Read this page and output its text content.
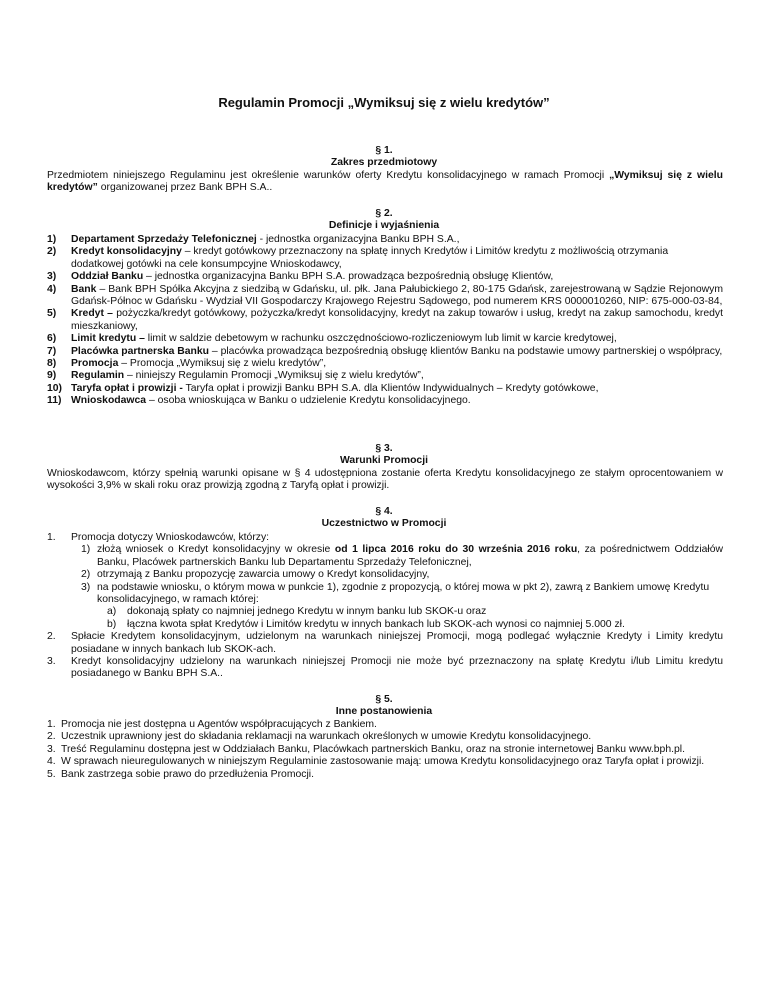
Regulamin Promocji „Wymiksuj się z wielu kredytów”
§ 1.
Zakres przedmiotowy
Przedmiotem niniejszego Regulaminu jest określenie warunków oferty Kredytu konsolidacyjnego w ramach Promocji „Wymiksuj się z wielu kredytów” organizowanej przez Bank BPH S.A..
§ 2.
Definicje i wyjaśnienia
1) Departament Sprzedaży Telefonicznej - jednostka organizacyjna Banku BPH S.A.,
2) Kredyt konsolidacyjny – kredyt gotówkowy przeznaczony na spłatę innych Kredytów i Limitów kredytu z możliwością otrzymania dodatkowej gotówki na cele konsumpcyjne Wnioskodawcy,
3) Oddział Banku – jednostka organizacyjna Banku BPH S.A. prowadząca bezpośrednią obsługę Klientów,
4) Bank – Bank BPH Spółka Akcyjna z siedzibą w Gdańsku, ul. płk. Jana Pałubickiego 2, 80-175 Gdańsk, zarejestrowaną w Sądzie Rejonowym Gdańsk-Północ w Gdańsku - Wydział VII Gospodarczy Krajowego Rejestru Sądowego, pod numerem KRS 0000010260, NIP: 675-000-03-84,
5) Kredyt – pożyczka/kredyt gotówkowy, pożyczka/kredyt konsolidacyjny, kredyt na zakup towarów i usług, kredyt na zakup samochodu, kredyt mieszkaniowy,
6) Limit kredytu – limit w saldzie debetowym w rachunku oszczędnościowo-rozliczeniowym lub limit w karcie kredytowej,
7) Placówka partnerska Banku – placówka prowadząca bezpośrednią obsługę klientów Banku na podstawie umowy partnerskiej o współpracy,
8) Promocja – Promocja „Wymiksuj się z wielu kredytów”,
9) Regulamin – niniejszy Regulamin Promocji „Wymiksuj się z wielu kredytów”,
10) Taryfa opłat i prowizji - Taryfa opłat i prowizji Banku BPH S.A. dla Klientów Indywidualnych – Kredyty gotówkowe,
11) Wnioskodawca – osoba wnioskująca w Banku o udzielenie Kredytu konsolidacyjnego.
§ 3.
Warunki Promocji
Wnioskodawcom, którzy spełnią warunki opisane w § 4 udostępniona zostanie oferta Kredytu konsolidacyjnego ze stałym oprocentowaniem w wysokości 3,9% w skali roku oraz prowizją zgodną z Taryfą opłat i prowizji.
§ 4.
Uczestnictwo w Promocji
1. Promocja dotyczy Wnioskodawców, którzy:
1) złożą wniosek o Kredyt konsolidacyjny w okresie od 1 lipca 2016 roku do 30 września 2016 roku, za pośrednictwem Oddziałów Banku, Placówek partnerskich Banku lub Departamentu Sprzedaży Telefonicznej,
2) otrzymają z Banku propozycję zawarcia umowy o Kredyt konsolidacyjny,
3) na podstawie wniosku, o którym mowa w punkcie 1), zgodnie z propozycją, o której mowa w pkt 2), zawrą z Bankiem umowę Kredytu konsolidacyjnego, w ramach której:
a) dokonają spłaty co najmniej jednego Kredytu w innym banku lub SKOK-u oraz
b) łączna kwota spłat Kredytów i Limitów kredytu w innych bankach lub SKOK-ach wynosi co najmniej 5.000 zł.
2. Spłacie Kredytem konsolidacyjnym, udzielonym na warunkach niniejszej Promocji, mogą podlegać wyłącznie Kredyty i Limity kredytu posiadane w innych bankach lub SKOK-ach.
3. Kredyt konsolidacyjny udzielony na warunkach niniejszej Promocji nie może być przeznaczony na spłatę Kredytu i/lub Limitu kredytu posiadanego w Banku BPH S.A..
§ 5.
Inne postanowienia
1. Promocja nie jest dostępna u Agentów współpracujących z Bankiem.
2. Uczestnik uprawniony jest do składania reklamacji na warunkach określonych w umowie Kredytu konsolidacyjnego.
3. Treść Regulaminu dostępna jest w Oddziałach Banku, Placówkach partnerskich Banku, oraz na stronie internetowej Banku www.bph.pl.
4. W sprawach nieuregulowanych w niniejszym Regulaminie zastosowanie mają: umowa Kredytu konsolidacyjnego oraz Taryfa opłat i prowizji.
5. Bank zastrzega sobie prawo do przedłużenia Promocji.
